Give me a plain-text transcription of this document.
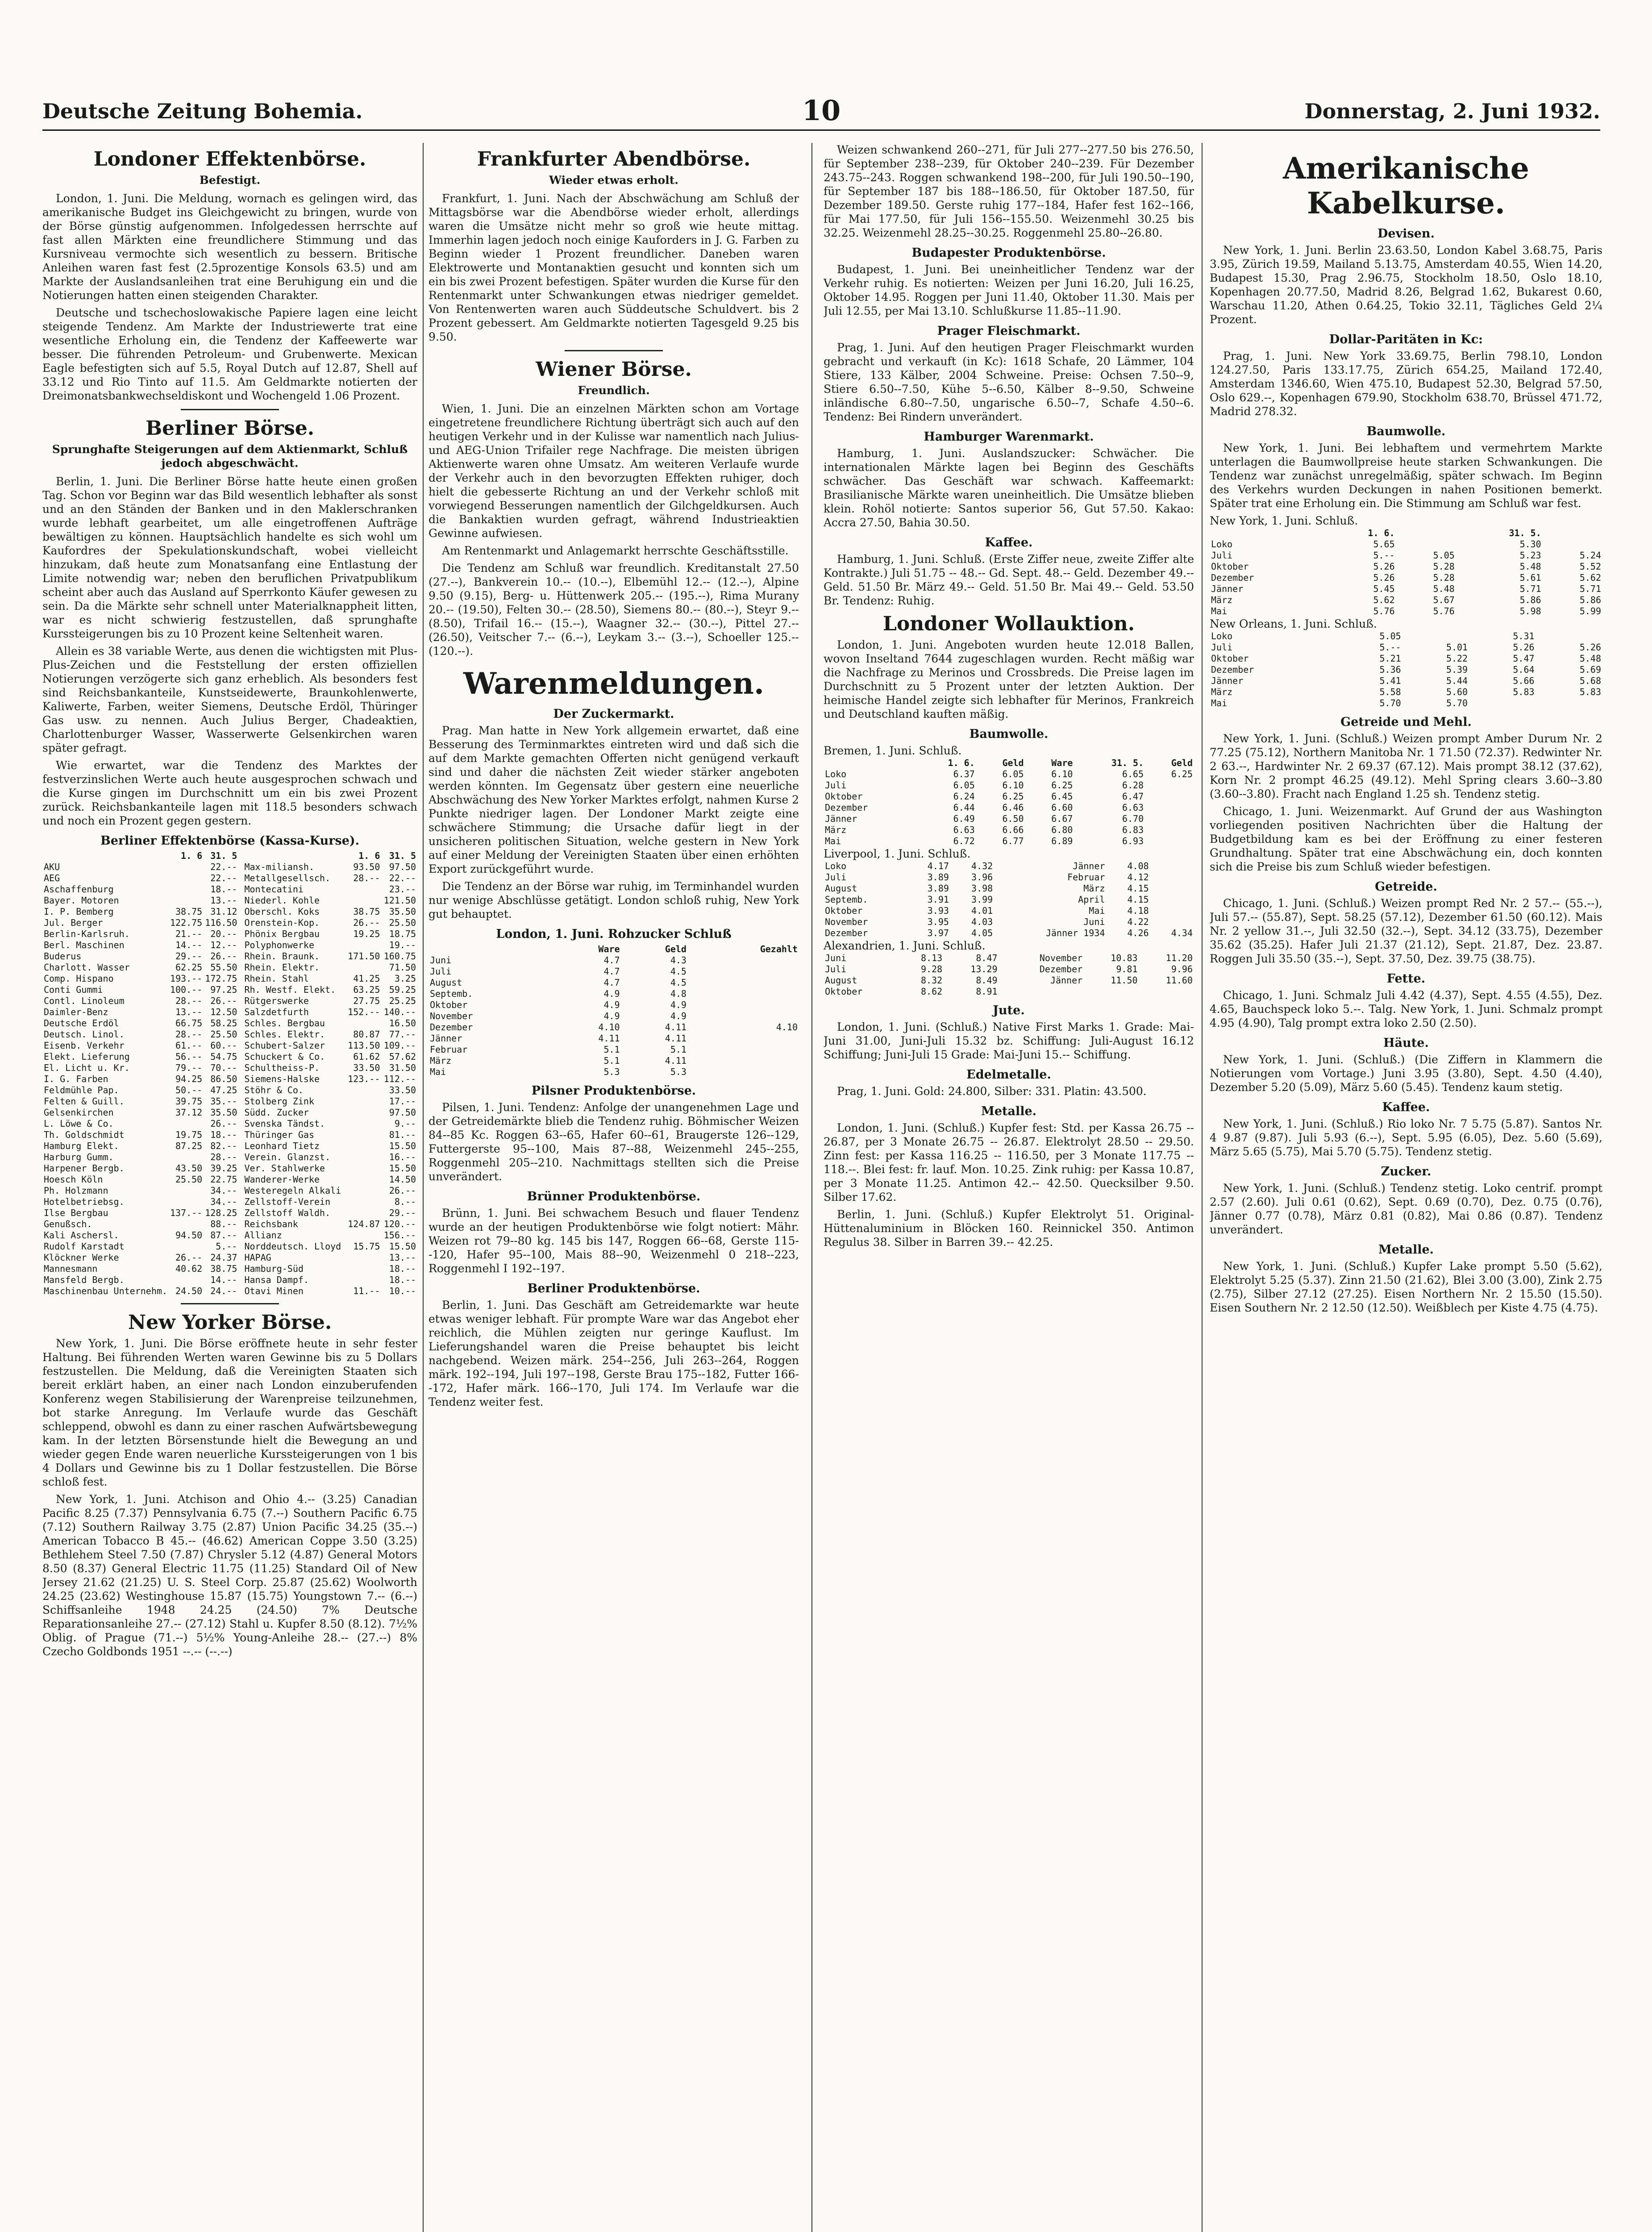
Deutsche Zeitung Bohemia.	10	Donnerstag, 2. Juni 1932.
Londoner Effektenbörse.
Befestigt.

London, 1. Juni. Die Meldung, wornach es gelingen wird, das amerikanische Budget ins Gleichgewicht zu bringen, wurde von der Börse günstig aufgenommen. Infolgedessen herrschte auf fast allen Märkten eine freundlichere Stimmung und das Kursniveau vermochte sich wesentlich zu bessern. Britische Anleihen waren fast fest (2.5prozentige Konsols 63.5) und am Markte der Auslandsanleihen trat eine Beruhigung ein und die Notierungen hatten einen steigenden Charakter.

Deutsche und tschechoslowakische Papiere lagen eine leicht steigende Tendenz. Am Markte der Industriewerte trat eine wesentliche Erholung ein, die Tendenz der Kaffeewerte war besser. Die führenden Petroleum- und Grubenwerte. Mexican Eagle befestigten sich auf 5.5, Royal Dutch auf 12.87, Shell auf 33.12 und Rio Tinto auf 11.5. Am Geldmarkte notierten der Dreimonatsbankwechseldiskont und Wochengeld 1.06 Prozent.

Berliner Börse.
Sprunghafte Steigerungen auf dem Aktienmarkt, Schluß jedoch abgeschwächt.

Berlin, 1. Juni. Die Berliner Börse hatte heute einen großen Tag. Schon vor Beginn war das Bild wesentlich lebhafter als sonst und an den Ständen der Banken und in den Maklerschranken wurde lebhaft gearbeitet, um alle eingetroffenen Aufträge bewältigen zu können. Hauptsächlich handelte es sich wohl um Kaufordres der Spekulationskundschaft, wobei vielleicht hinzukam, daß heute zum Monatsanfang eine Entlastung der Limite notwendig war; neben den beruflichen Privatpublikum scheint aber auch das Ausland auf Sperrkonto Käufer gewesen zu sein. Da die Märkte sehr schnell unter Materialknappheit litten, war es nicht schwierig festzustellen, daß sprunghafte Kurssteigerungen bis zu 10 Prozent keine Seltenheit waren.

Allein es 38 variable Werte, aus denen die wichtigsten mit Plus-Plus-Zeichen und die Feststellung der ersten offiziellen Notierungen verzögerte sich ganz erheblich. Als besonders fest sind Reichsbankanteile, Kunstseidewerte, Braunkohlenwerte, Kaliwerte, Farben, weiter Siemens, Deutsche Erdöl, Thüringer Gas usw. zu nennen. Auch Julius Berger, Chadeaktien, Charlottenburger Wasser, Wasserwerte Gelsenkirchen waren später gefragt.

Wie erwartet, war die Tendenz des Marktes der festverzinslichen Werte auch heute ausgesprochen schwach und die Kurse gingen im Durchschnitt um ein bis zwei Prozent zurück. Reichsbankanteile lagen mit 118.5 besonders schwach und noch ein Prozent gegen gestern.

Berliner Effektenbörse (Kassa-Kurse).
	1. 6	31. 5
AKU		22.--
AEG		22.--
Aschaffenburg		18.--
Bayer. Motoren		13.--
I. P. Bemberg	38.75	31.12
Jul. Berger	122.75	116.50
Berlin-Karlsruh.	21.--	20.--
Berl. Maschinen	14.--	12.--
Buderus	29.--	26.--
Charlott. Wasser	62.25	55.50
Comp. Hispano	193.--	172.75
Conti Gummi	100.--	97.25
Contl. Linoleum	28.--	26.--
Daimler-Benz	13.--	12.50
Deutsche Erdöl	66.75	58.25
Deutsch. Linol.	28.--	25.50
Eisenb. Verkehr	61.--	60.--
Elekt. Lieferung	56.--	54.75
El. Licht u. Kr.	79.--	70.--
I. G. Farben	94.25	86.50
Feldmühle Pap.	50.--	47.25
Felten & Guill.	39.75	35.--
Gelsenkirchen	37.12	35.50
L. Löwe & Co.		26.--
Th. Goldschmidt	19.75	18.--
Hamburg Elekt.	87.25	82.--
Harburg Gumm.		28.--
Harpener Bergb.	43.50	39.25
Hoesch Köln	25.50	22.75
Ph. Holzmann		34.--
Hotelbetriebsg.		34.--
Ilse Bergbau	137.--	128.25
Genußsch.		88.--
Kali Aschersl.	94.50	87.--
Rudolf Karstadt		5.--
Klöckner Werke	26.--	24.37
Mannesmann	40.62	38.75
Mansfeld Bergb.		14.--
Maschinenbau Unternehm.	24.50	24.--
	1. 6	31. 5
Max-miliansh.	93.50	97.50
Metallgesellsch.	28.--	22.--
Montecatini		23.--
Niederl. Kohle		121.50
Oberschl. Koks	38.75	35.50
Orenstein-Kop.	26.--	25.50
Phönix Bergbau	19.25	18.75
Polyphonwerke		19.--
Rhein. Braunk.	171.50	160.75
Rhein. Elektr.		71.50
Rhein. Stahl	41.25	3.25
Rh. Westf. Elekt.	63.25	59.25
Rütgerswerke	27.75	25.25
Salzdetfurth	152.--	140.--
Schles. Bergbau		16.50
Schles. Elektr.	80.87	77.--
Schubert-Salzer	113.50	109.--
Schuckert & Co.	61.62	57.62
Schultheiss-P.	33.50	31.50
Siemens-Halske	123.--	112.--
Stöhr & Co.		33.50
Stolberg Zink		17.--
Südd. Zucker		97.50
Svenska Tändst.		9.--
Thüringer Gas		81.--
Leonhard Tietz		15.50
Verein. Glanzst.		16.--
Ver. Stahlwerke		15.50
Wanderer-Werke		14.50
Westeregeln Alkali		26.--
Zellstoff-Verein		8.--
Zellstoff Waldh.		29.--
Reichsbank	124.87	120.--
Allianz		156.--
Norddeutsch. Lloyd	15.75	15.50
HAPAG		13.--
Hamburg-Süd		18.--
Hansa Dampf.		18.--
Otavi Minen	11.--	10.--
New Yorker Börse.

New York, 1. Juni. Die Börse eröffnete heute in sehr fester Haltung. Bei führenden Werten waren Gewinne bis zu 5 Dollars festzustellen. Die Meldung, daß die Vereinigten Staaten sich bereit erklärt haben, an einer nach London einzuberufenden Konferenz wegen Stabilisierung der Warenpreise teilzunehmen, bot starke Anregung. Im Verlaufe wurde das Geschäft schleppend, obwohl es dann zu einer raschen Aufwärtsbewegung kam. In der letzten Börsenstunde hielt die Bewegung an und wieder gegen Ende waren neuerliche Kurssteigerungen von 1 bis 4 Dollars und Gewinne bis zu 1 Dollar festzustellen. Die Börse schloß fest.

New York, 1. Juni. Atchison and Ohio 4.-- (3.25) Canadian Pacific 8.25 (7.37) Pennsylvania 6.75 (7.--) Southern Pacific 6.75 (7.12) Southern Railway 3.75 (2.87) Union Pacific 34.25 (35.--) American Tobacco B 45.-- (46.62) American Coppe 3.50 (3.25) Bethlehem Steel 7.50 (7.87) Chrysler 5.12 (4.87) General Motors 8.50 (8.37) General Electric 11.75 (11.25) Standard Oil of New Jersey 21.62 (21.25) U. S. Steel Corp. 25.87 (25.62) Woolworth 24.25 (23.62) Westinghouse 15.87 (15.75) Youngstown 7.-- (6.--) Schiffsanleihe 1948 24.25 (24.50) 7% Deutsche Reparationsanleihe 27.-- (27.12) Stahl u. Kupfer 8.50 (8.12). 7½% Oblig. of Prague (71.--) 5½% Young-Anleihe 28.-- (27.--) 8% Czecho Goldbonds 1951 --.-- (--.--)

Frankfurter Abendbörse.
Wieder etwas erholt.

Frankfurt, 1. Juni. Nach der Abschwächung am Schluß der Mittagsbörse war die Abendbörse wieder erholt, allerdings waren die Umsätze nicht mehr so groß wie heute mittag. Immerhin lagen jedoch noch einige Kauforders in J. G. Farben zu Beginn wieder 1 Prozent freundlicher. Daneben waren Elektrowerte und Montanaktien gesucht und konnten sich um ein bis zwei Prozent befestigen. Später wurden die Kurse für den Rentenmarkt unter Schwankungen etwas niedriger gemeldet. Von Rentenwerten waren auch Süddeutsche Schuldvert. bis 2 Prozent gebessert. Am Geldmarkte notierten Tagesgeld 9.25 bis 9.50.

Wiener Börse.
Freundlich.

Wien, 1. Juni. Die an einzelnen Märkten schon am Vortage eingetretene freundlichere Richtung überträgt sich auch auf den heutigen Verkehr und in der Kulisse war namentlich nach Julius- und AEG-Union Trifailer rege Nachfrage. Die meisten übrigen Aktienwerte waren ohne Umsatz. Am weiteren Verlaufe wurde der Verkehr auch in den bevorzugten Effekten ruhiger, doch hielt die gebesserte Richtung an und der Verkehr schloß mit vorwiegend Besserungen namentlich der Gilchgeldkursen. Auch die Bankaktien wurden gefragt, während Industrieaktien Gewinne aufwiesen.

Am Rentenmarkt und Anlagemarkt herrschte Geschäftsstille.

Die Tendenz am Schluß war freundlich. Kreditanstalt 27.50 (27.--), Bankverein 10.-- (10.--), Elbemühl 12.-- (12.--), Alpine 9.50 (9.15), Berg- u. Hüttenwerk 205.-- (195.--), Rima Murany 20.-- (19.50), Felten 30.-- (28.50), Siemens 80.-- (80.--), Steyr 9.-- (8.50), Trifail 16.-- (15.--), Waagner 32.-- (30.--), Pittel 27.-- (26.50), Veitscher 7.-- (6.--), Leykam 3.-- (3.--), Schoeller 125.-- (120.--).

Warenmeldungen.
Der Zuckermarkt.

Prag. Man hatte in New York allgemein erwartet, daß eine Besserung des Terminmarktes eintreten wird und daß sich die auf dem Markte gemachten Offerten nicht genügend verkauft sind und daher die nächsten Zeit wieder stärker angeboten werden könnten. Im Gegensatz über gestern eine neuerliche Abschwächung des New Yorker Marktes erfolgt, nahmen Kurse 2 Punkte niedriger lagen. Der Londoner Markt zeigte eine schwächere Stimmung; die Ursache dafür liegt in der unsicheren politischen Situation, welche gestern in New York auf einer Meldung der Vereinigten Staaten über einen erhöhten Export zurückgeführt wurde.

Die Tendenz an der Börse war ruhig, im Terminhandel wurden nur wenige Abschlüsse getätigt. London schloß ruhig, New York gut behauptet.

London, 1. Juni. Rohzucker Schluß
	Ware	Geld	Gezahlt
Juni	4.7	4.3	
Juli	4.7	4.5	
August	4.7	4.5	
Septemb.	4.9	4.8	
Oktober	4.9	4.9	
November	4.9	4.9	
Dezember	4.10	4.11	4.10
Jänner	4.11	4.11	
Februar	5.1	5.1	
März	5.1	4.11	
Mai	5.3	5.3	
Pilsner Produktenbörse.

Pilsen, 1. Juni. Tendenz: Anfolge der unangenehmen Lage und der Getreidemärkte blieb die Tendenz ruhig. Böhmischer Weizen 84--85 Kc. Roggen 63--65, Hafer 60--61, Braugerste 126--129, Futtergerste 95--100, Mais 87--88, Weizenmehl 245--255, Roggenmehl 205--210. Nachmittags stellten sich die Preise unverändert.

Brünner Produktenbörse.

Brünn, 1. Juni. Bei schwachem Besuch und flauer Tendenz wurde an der heutigen Produktenbörse wie folgt notiert: Mähr. Weizen rot 79--80 kg. 145 bis 147, Roggen 66--68, Gerste 115--120, Hafer 95--100, Mais 88--90, Weizenmehl 0 218--223, Roggenmehl I 192--197.

Berliner Produktenbörse.

Berlin, 1. Juni. Das Geschäft am Getreidemarkte war heute etwas weniger lebhaft. Für prompte Ware war das Angebot eher reichlich, die Mühlen zeigten nur geringe Kauflust. Im Lieferungshandel waren die Preise behauptet bis leicht nachgebend. Weizen märk. 254--256, Juli 263--264, Roggen märk. 192--194, Juli 197--198, Gerste Brau 175--182, Futter 166--172, Hafer märk. 166--170, Juli 174. Im Verlaufe war die Tendenz weiter fest.

Weizen schwankend 260--271, für Juli 277--277.50 bis 276.50, für September 238--239, für Oktober 240--239. Für Dezember 243.75--243. Roggen schwankend 198--200, für Juli 190.50--190, für September 187 bis 188--186.50, für Oktober 187.50, für Dezember 189.50. Gerste ruhig 177--184, Hafer fest 162--166, für Mai 177.50, für Juli 156--155.50. Weizenmehl 30.25 bis 32.25. Weizenmehl 28.25--30.25. Roggenmehl 25.80--26.80.

Budapester Produktenbörse.

Budapest, 1. Juni. Bei uneinheitlicher Tendenz war der Verkehr ruhig. Es notierten: Weizen per Juni 16.20, Juli 16.25, Oktober 14.95. Roggen per Juni 11.40, Oktober 11.30. Mais per Juli 12.55, per Mai 13.10. Schlußkurse 11.85--11.90.

Prager Fleischmarkt.

Prag, 1. Juni. Auf den heutigen Prager Fleischmarkt wurden gebracht und verkauft (in Kc): 1618 Schafe, 20 Lämmer, 104 Stiere, 133 Kälber, 2004 Schweine. Preise: Ochsen 7.50--9, Stiere 6.50--7.50, Kühe 5--6.50, Kälber 8--9.50, Schweine inländische 6.80--7.50, ungarische 6.50--7, Schafe 4.50--6. Tendenz: Bei Rindern unverändert.

Hamburger Warenmarkt.

Hamburg, 1. Juni. Auslandszucker: Schwächer. Die internationalen Märkte lagen bei Beginn des Geschäfts schwächer. Das Geschäft war schwach. Kaffeemarkt: Brasilianische Märkte waren uneinheitlich. Die Umsätze blieben klein. Rohöl notierte: Santos superior 56, Gut 57.50. Kakao: Accra 27.50, Bahia 30.50.

Kaffee.

Hamburg, 1. Juni. Schluß. (Erste Ziffer neue, zweite Ziffer alte Kontrakte.) Juli 51.75 -- 48.-- Gd. Sept. 48.-- Geld. Dezember 49.-- Geld. 51.50 Br. März 49.-- Geld. 51.50 Br. Mai 49.-- Geld. 53.50 Br. Tendenz: Ruhig.

Londoner Wollauktion.

London, 1. Juni. Angeboten wurden heute 12.018 Ballen, wovon Inseltand 7644 zugeschlagen wurden. Recht mäßig war die Nachfrage zu Merinos und Crossbreds. Die Preise lagen im Durchschnitt zu 5 Prozent unter der letzten Auktion. Der heimische Handel zeigte sich lebhafter für Merinos, Frankreich und Deutschland kauften mäßig.

Baumwolle.
Bremen, 1. Juni. Schluß.
	1. 6.	Geld	Ware	31. 5.	Geld
Loko	6.37	6.05	6.10	6.65	6.25
Juli	6.05	6.10	6.25	6.28	
Oktober	6.24	6.25	6.45	6.47	
Dezember	6.44	6.46	6.60	6.63	
Jänner	6.49	6.50	6.67	6.70	
März	6.63	6.66	6.80	6.83	
Mai	6.72	6.77	6.89	6.93	
Liverpool, 1. Juni. Schluß.
Loko	4.17	4.32	Jänner	4.08	
Juli	3.89	3.96	Februar	4.12	
August	3.89	3.98	März	4.15	
Septemb.	3.91	3.99	April	4.15	
Oktober	3.93	4.01	Mai	4.18	
November	3.95	4.03	Juni	4.22	
Dezember	3.97	4.05	Jänner 1934	4.26	4.34
Alexandrien, 1. Juni. Schluß.
Juni	8.13	8.47	November	10.83	11.20
Juli	9.28	13.29	Dezember	9.81	9.96
August	8.32	8.49	Jänner	11.50	11.60
Oktober	8.62	8.91			
Jute.

London, 1. Juni. (Schluß.) Native First Marks 1. Grade: Mai-Juni 31.00, Juni-Juli 15.32 bz. Schiffung: Juli-August 16.12 Schiffung; Juni-Juli 15 Grade: Mai-Juni 15.-- Schiffung.

Edelmetalle.

Prag, 1. Juni. Gold: 24.800, Silber: 331. Platin: 43.500.

Metalle.

London, 1. Juni. (Schluß.) Kupfer fest: Std. per Kassa 26.75 -- 26.87, per 3 Monate 26.75 -- 26.87. Elektrolyt 28.50 -- 29.50. Zinn fest: per Kassa 116.25 -- 116.50, per 3 Monate 117.75 -- 118.--. Blei fest: fr. lauf. Mon. 10.25. Zink ruhig: per Kassa 10.87, per 3 Monate 11.25. Antimon 42.-- 42.50. Quecksilber 9.50. Silber 17.62.

Berlin, 1. Juni. (Schluß.) Kupfer Elektrolyt 51. Original-Hüttenaluminium in Blöcken 160. Reinnickel 350. Antimon Regulus 38. Silber in Barren 39.-- 42.25.

Amerikanische Kabelkurse.
Devisen.

New York, 1. Juni. Berlin 23.63.50, London Kabel 3.68.75, Paris 3.95, Zürich 19.59, Mailand 5.13.75, Amsterdam 40.55, Wien 14.20, Budapest 15.30, Prag 2.96.75, Stockholm 18.50, Oslo 18.10, Kopenhagen 20.77.50, Madrid 8.26, Belgrad 1.62, Bukarest 0.60, Warschau 11.20, Athen 0.64.25, Tokio 32.11, Tägliches Geld 2¼ Prozent.

Dollar-Paritäten in Kc:

Prag, 1. Juni. New York 33.69.75, Berlin 798.10, London 124.27.50, Paris 133.17.75, Zürich 654.25, Mailand 172.40, Amsterdam 1346.60, Wien 475.10, Budapest 52.30, Belgrad 57.50, Oslo 629.--, Kopenhagen 679.90, Stockholm 638.70, Brüssel 471.72, Madrid 278.32.

Baumwolle.

New York, 1. Juni. Bei lebhaftem und vermehrtem Markte unterlagen die Baumwollpreise heute starken Schwankungen. Die Tendenz war zunächst unregelmäßig, später schwach. Im Beginn des Verkehrs wurden Deckungen in nahen Positionen bemerkt. Später trat eine Erholung ein. Die Stimmung am Schluß war fest.

New York, 1. Juni. Schluß.
	1. 6.		31. 5.	
Loko	5.65		5.30	
Juli	5.--	5.05	5.23	5.24
Oktober	5.26	5.28	5.48	5.52
Dezember	5.26	5.28	5.61	5.62
Jänner	5.45	5.48	5.71	5.71
März	5.62	5.67	5.86	5.86
Mai	5.76	5.76	5.98	5.99
New Orleans, 1. Juni. Schluß.
Loko	5.05		5.31	
Juli	5.--	5.01	5.26	5.26
Oktober	5.21	5.22	5.47	5.48
Dezember	5.36	5.39	5.64	5.69
Jänner	5.41	5.44	5.66	5.68
März	5.58	5.60	5.83	5.83
Mai	5.70	5.70		
Getreide und Mehl.

New York, 1. Juni. (Schluß.) Weizen prompt Amber Durum Nr. 2 77.25 (75.12), Northern Manitoba Nr. 1 71.50 (72.37). Redwinter Nr. 2 63.--, Hardwinter Nr. 2 69.37 (67.12). Mais prompt 38.12 (37.62), Korn Nr. 2 prompt 46.25 (49.12). Mehl Spring clears 3.60--3.80 (3.60--3.80). Fracht nach England 1.25 sh. Tendenz stetig.

Chicago, 1. Juni. Weizenmarkt. Auf Grund der aus Washington vorliegenden positiven Nachrichten über die Haltung der Budgetbildung kam es bei der Eröffnung zu einer festeren Grundhaltung. Später trat eine Abschwächung ein, doch konnten sich die Preise bis zum Schluß wieder befestigen.

Getreide.

Chicago, 1. Juni. (Schluß.) Weizen prompt Red Nr. 2 57.-- (55.--), Juli 57.-- (55.87), Sept. 58.25 (57.12), Dezember 61.50 (60.12). Mais Nr. 2 yellow 31.--, Juli 32.50 (32.--), Sept. 34.12 (33.75), Dezember 35.62 (35.25). Hafer Juli 21.37 (21.12), Sept. 21.87, Dez. 23.87. Roggen Juli 35.50 (35.--), Sept. 37.50, Dez. 39.75 (38.75).

Fette.

Chicago, 1. Juni. Schmalz Juli 4.42 (4.37), Sept. 4.55 (4.55), Dez. 4.65, Bauchspeck loko 5.--. Talg. New York, 1. Juni. Schmalz prompt 4.95 (4.90), Talg prompt extra loko 2.50 (2.50).

Häute.

New York, 1. Juni. (Schluß.) (Die Ziffern in Klammern die Notierungen vom Vortage.) Juni 3.95 (3.80), Sept. 4.50 (4.40), Dezember 5.20 (5.09), März 5.60 (5.45). Tendenz kaum stetig.

Kaffee.

New York, 1. Juni. (Schluß.) Rio loko Nr. 7 5.75 (5.87). Santos Nr. 4 9.87 (9.87). Juli 5.93 (6.--), Sept. 5.95 (6.05), Dez. 5.60 (5.69), März 5.65 (5.75), Mai 5.70 (5.75). Tendenz stetig.

Zucker.

New York, 1. Juni. (Schluß.) Tendenz stetig. Loko centrif. prompt 2.57 (2.60). Juli 0.61 (0.62), Sept. 0.69 (0.70), Dez. 0.75 (0.76), Jänner 0.77 (0.78), März 0.81 (0.82), Mai 0.86 (0.87). Tendenz unverändert.

Metalle.

New York, 1. Juni. (Schluß.) Kupfer Lake prompt 5.50 (5.62), Elektrolyt 5.25 (5.37). Zinn 21.50 (21.62), Blei 3.00 (3.00), Zink 2.75 (2.75), Silber 27.12 (27.25). Eisen Northern Nr. 2 15.50 (15.50). Eisen Southern Nr. 2 12.50 (12.50). Weißblech per Kiste 4.75 (4.75).
